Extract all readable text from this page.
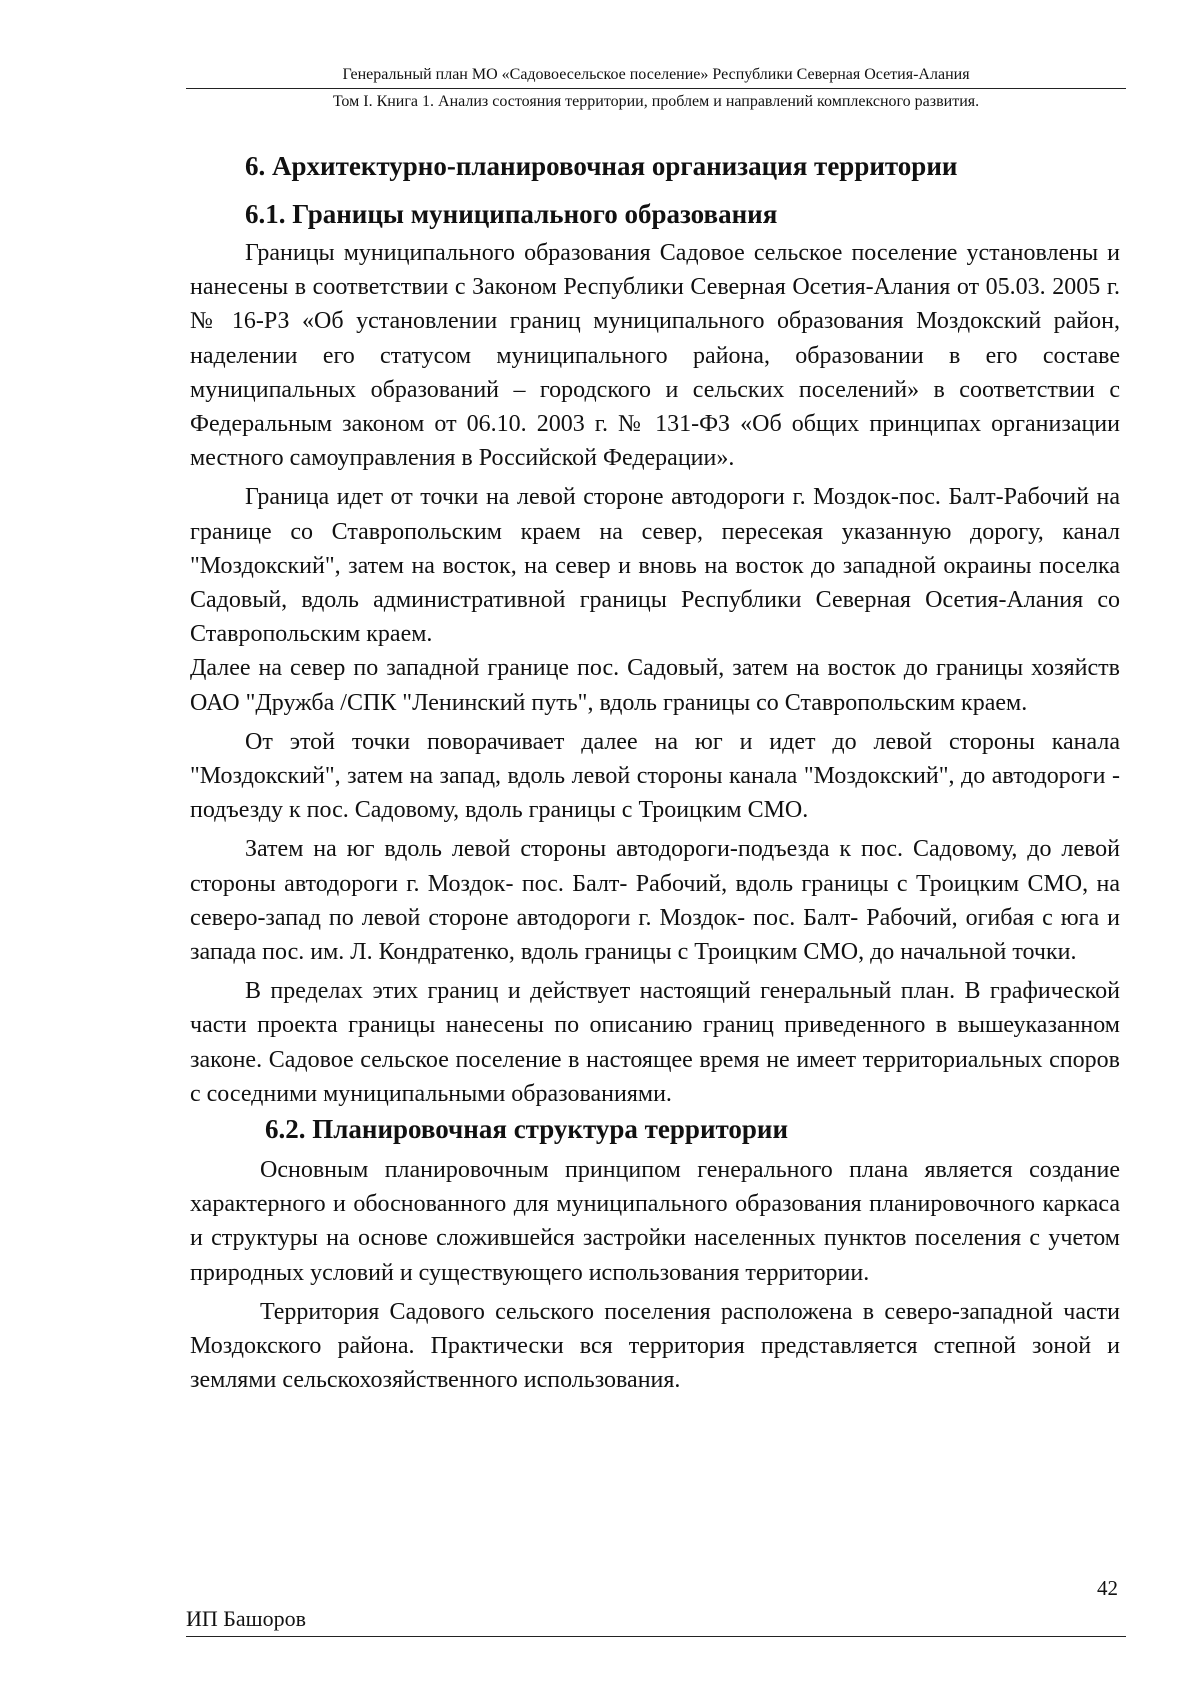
Генеральный план МО «Садовоесельское поселение» Республики Северная Осетия-Алания
Том I. Книга 1. Анализ состояния территории, проблем и направлений комплексного развития.
6. Архитектурно-планировочная организация территории
6.1. Границы муниципального образования

Границы муниципального образования Садовое сельское поселение установлены и нанесены в соответствии с Законом Республики Северная Осетия-Алания от 05.03. 2005 г. № 16-РЗ «Об установлении границ муниципального образования Моздокский район, наделении его статусом муниципального района, образовании в его составе муниципальных образований – городского и сельских поселений» в соответствии с Федеральным законом от 06.10. 2003 г. № 131-ФЗ «Об общих принципах организации местного самоуправления в Российской Федерации».

Граница идет от точки на левой стороне автодороги г. Моздок-пос. Балт-Рабочий на границе со Ставропольским краем на север, пересекая указанную дорогу, канал "Моздокский", затем на восток, на север и вновь на восток до западной окраины поселка Садовый, вдоль административной границы Республики Северная Осетия-Алания со Ставропольским краем.

Далее на север по западной границе пос. Садовый, затем на восток до границы хозяйств ОАО "Дружба /СПК "Ленинский путь", вдоль границы со Ставропольским краем.

От этой точки поворачивает далее на юг и идет до левой стороны канала "Моздокский", затем на запад, вдоль левой стороны канала "Моздокский", до автодороги - подъезду к пос. Садовому, вдоль границы с Троицким СМО.

Затем на юг вдоль левой стороны автодороги-подъезда к пос. Садовому, до левой стороны автодороги г. Моздок- пос. Балт- Рабочий, вдоль границы с Троицким СМО, на северо-запад по левой стороне автодороги г. Моздок- пос. Балт- Рабочий, огибая с юга и запада пос. им. Л. Кондратенко, вдоль границы с Троицким СМО, до начальной точки.

В пределах этих границ и действует настоящий генеральный план. В графической части проекта границы нанесены по описанию границ приведенного в вышеуказанном законе. Садовое сельское поселение в настоящее время не имеет территориальных споров с соседними муниципальными образованиями.

6.2. Планировочная структура территории

Основным планировочным принципом генерального плана является создание характерного и обоснованного для муниципального образования планировочного каркаса и структуры на основе сложившейся застройки населенных пунктов поселения с учетом природных условий и существующего использования территории.

Территория Садового сельского поселения расположена в северо-западной части Моздокского района. Практически вся территория представляется степной зоной и землями сельскохозяйственного использования.

42
ИП Башоров
